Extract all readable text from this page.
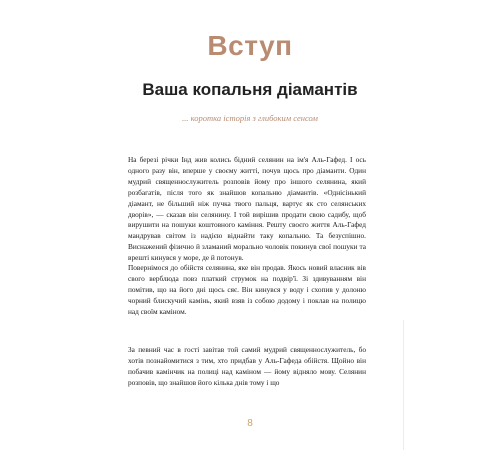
Вступ
Ваша копальня діамантів
... коротка історія з глибоким сенсом

На березі річки Інд жив колись бідний селянин на ім'я Аль-Гафед. І ось одного разу він, вперше у своєму житті, почув щось про діаманти. Один мудрий священнослужитель розповів йому про іншого селянина, який розбагатів, після того як знайшов копальню діамантів. «Однісінький діамант, не більший ніж пучка твого пальця, вартує як сто селянських дворів», — сказав він селянину. І той вирішив продати свою садибу, щоб вирушити на пошуки коштовного каміння. Решту своєго життя Аль-Гафед мандрував світом із надією віднайти таку копальню. Та безуспішно. Виснажений фізично й зламаний морально чоловік покинув свої пошуки та врешті кинувся у море, де й потонув.

Повернімося до обійстя селянина, яке він продав. Якось новий власник вів свого верблюда повз платкий струмок на подвір'ї. Зі здивуванням він помітив, що на його дні щось сяє. Він кинувся у воду і схопив у долоню чорний блискучий камінь, який взяв із собою додому і поклав на полицю над своїм каміном.

За певний час в гості завітав той самий мудрий священнослужитель, бо хотів познайомитися з тим, хто придбав у Аль-Гафеда обійстя. Щойно він побачив камінчик на полиці над каміном — йому відняло мову. Селянин розповів, що знайшов його кілька днів тому і що

8
